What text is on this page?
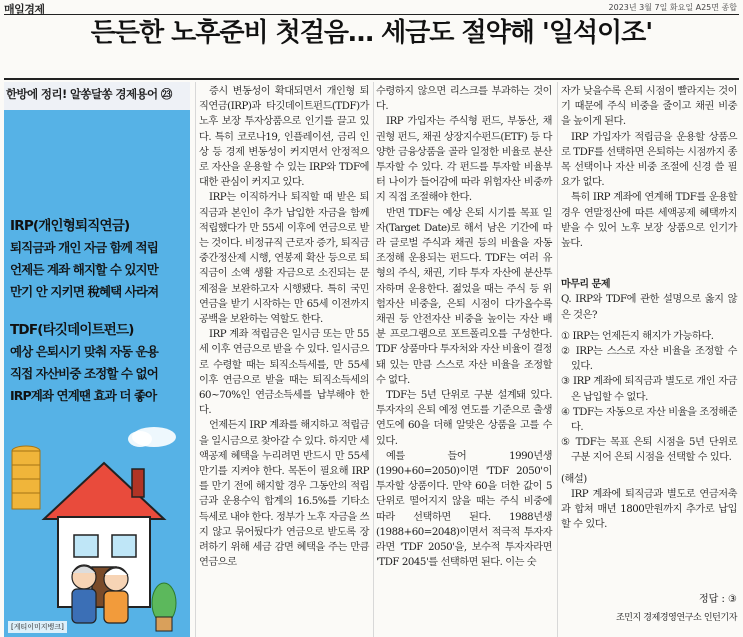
매일경제	2023년 3월 7일 화요일 A25면 종합
든든한 노후준비 첫걸음… 세금도 절약해 '일석이조'
한방에 정리! 알쏭달쏭 경제용어 ㉓
IRP(개인형퇴직연금)
퇴직금과 개인 자금 함께 적립
언제든 계좌 해지할 수 있지만
만기 안 지키면 稅혜택 사라져
TDF(타깃데이트펀드)
예상 은퇴시기 맞춰 자동 운용
직접 자산비중 조정할 수 없어
IRP계좌 연계땐 효과 더 좋아
[게티이미지뱅크]

증시 변동성이 확대되면서 개인형 퇴직연금(IRP)과 타깃데이트펀드(TDF)가 노후 보장 투자상품으로 인기를 끌고 있다. 특히 코로나19, 인플레이션, 금리 인상 등 경제 변동성이 커지면서 안정적으로 자산을 운용할 수 있는 IRP와 TDF에 대한 관심이 커지고 있다.

IRP는 이직하거나 퇴직할 때 받은 퇴직금과 본인이 추가 납입한 자금을 함께 적립했다가 만 55세 이후에 연금으로 받는 것이다. 비정규직 근로자 증가, 퇴직금 중간정산제 시행, 연봉제 확산 등으로 퇴직금이 소액 생활 자금으로 소진되는 문제점을 보완하고자 시행됐다. 특히 국민연금을 받기 시작하는 만 65세 이전까지 공백을 보완하는 역할도 한다.

IRP 계좌 적립금은 일시금 또는 만 55세 이후 연금으로 받을 수 있다. 일시금으로 수령할 때는 퇴직소득세를, 만 55세 이후 연금으로 받을 때는 퇴직소득세의 60~70%인 연금소득세를 납부해야 한다.

언제든지 IRP 계좌를 해지하고 적립금을 일시금으로 찾아갈 수 있다. 하지만 세액공제 혜택을 누리려면 반드시 만 55세 만기를 지켜야 한다. 목돈이 필요해 IRP를 만기 전에 해지할 경우 그동안의 적립금과 운용수익 합계의 16.5%를 기타소득세로 내야 한다. 정부가 노후 자금을 쓰지 않고 묶어뒀다가 연금으로 받도록 장려하기 위해 세금 감면 혜택을 주는 만큼 연금으로

수령하지 않으면 리스크를 부과하는 것이다.

IRP 가입자는 주식형 펀드, 부동산, 채권형 펀드, 채권 상장지수펀드(ETF) 등 다양한 금융상품을 골라 일정한 비율로 분산투자할 수 있다. 각 펀드를 투자할 비율부터 나이가 들어감에 따라 위험자산 비중까지 직접 조절해야 한다.

반면 TDF는 예상 은퇴 시기를 목표 일자(Target Date)로 해서 남은 기간에 따라 글로벌 주식과 채권 등의 비율을 자동 조정해 운용되는 펀드다. TDF는 여러 유형의 주식, 채권, 기타 투자 자산에 분산투자하며 운용한다. 젊었을 때는 주식 등 위험자산 비중을, 은퇴 시점이 다가올수록 채권 등 안전자산 비중을 높이는 자산 배분 프로그램으로 포트폴리오를 구성한다. TDF 상품마다 투자처와 자산 비율이 결정돼 있는 만큼 스스로 자산 비율을 조정할 수 없다.

TDF는 5년 단위로 구분 설계돼 있다. 투자자의 은퇴 예정 연도를 기준으로 출생연도에 60을 더해 알맞은 상품을 고를 수 있다.

예를 들어 1990년생(1990+60=2050)이면 'TDF 2050'이 투자할 상품이다. 만약 60을 더한 값이 5단위로 떨어지지 않을 때는 주식 비중에 따라 선택하면 된다. 1988년생(1988+60=2048)이면서 적극적 투자자라면 'TDF 2050'을, 보수적 투자자라면 'TDF 2045'를 선택하면 된다. 이는 숫

자가 낮을수록 은퇴 시점이 빨라지는 것이기 때문에 주식 비중을 줄이고 채권 비중을 높이게 된다.

IRP 가입자가 적립금을 운용할 상품으로 TDF를 선택하면 은퇴하는 시점까지 종목 선택이나 자산 비중 조절에 신경 쓸 필요가 없다.

특히 IRP 계좌에 연계해 TDF를 운용할 경우 연말정산에 따른 세액공제 혜택까지 받을 수 있어 노후 보장 상품으로 인기가 높다.

마무리 문제

Q. IRP와 TDF에 관한 설명으로 옳지 않은 것은?

① IRP는 언제든지 해지가 가능하다.

② IRP는 스스로 자산 비율을 조정할 수 있다.

③ IRP 계좌에 퇴직금과 별도로 개인 자금은 납입할 수 없다.

④ TDF는 자동으로 자산 비율을 조정해준다.

⑤ TDF는 목표 은퇴 시점을 5년 단위로 구분 지어 은퇴 시점을 선택할 수 있다.

(해설)

IRP 계좌에 퇴직금과 별도로 연금저축과 합쳐 매년 1800만원까지 추가로 납입할 수 있다.

정답 : ③
조민지 경제경영연구소 인턴기자
